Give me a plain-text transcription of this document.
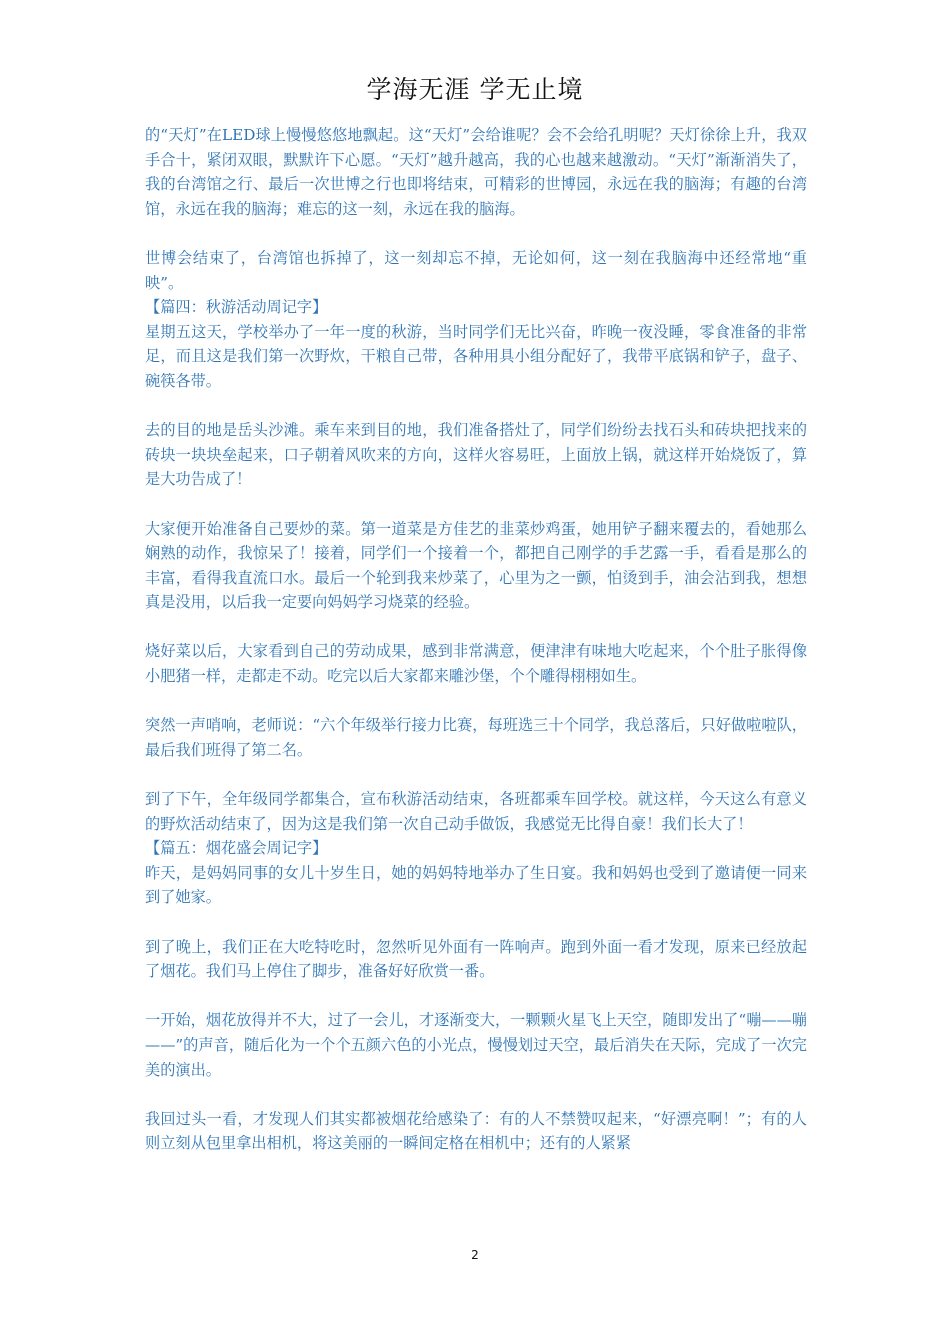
学海无涯 学无止境

的“天灯”在LED球上慢慢悠悠地飘起。这“天灯”会给谁呢？会不会给孔明呢？天灯徐徐上升，我双手合十，紧闭双眼，默默许下心愿。“天灯”越升越高，我的心也越来越激动。“天灯”渐渐消失了，我的台湾馆之行、最后一次世博之行也即将结束，可精彩的世博园，永远在我的脑海；有趣的台湾馆，永远在我的脑海；难忘的这一刻，永远在我的脑海。

世博会结束了，台湾馆也拆掉了，这一刻却忘不掉，无论如何，这一刻在我脑海中还经常地“重映”。

【篇四：秋游活动周记字】

星期五这天，学校举办了一年一度的秋游，当时同学们无比兴奋，昨晚一夜没睡，零食准备的非常足，而且这是我们第一次野炊，干粮自己带，各种用具小组分配好了，我带平底锅和铲子，盘子、碗筷各带。

去的目的地是岳头沙滩。乘车来到目的地，我们准备搭灶了，同学们纷纷去找石头和砖块把找来的砖块一块块垒起来，口子朝着风吹来的方向，这样火容易旺，上面放上锅，就这样开始烧饭了，算是大功告成了！

大家便开始准备自己要炒的菜。第一道菜是方佳艺的韭菜炒鸡蛋，她用铲子翻来覆去的，看她那么娴熟的动作，我惊呆了！接着，同学们一个接着一个，都把自己刚学的手艺露一手，看看是那么的丰富，看得我直流口水。最后一个轮到我来炒菜了，心里为之一颤，怕烫到手，油会沾到我，想想真是没用，以后我一定要向妈妈学习烧菜的经验。

烧好菜以后，大家看到自己的劳动成果，感到非常满意，便津津有味地大吃起来，个个肚子胀得像小肥猪一样，走都走不动。吃完以后大家都来雕沙堡，个个雕得栩栩如生。

突然一声哨响，老师说：“六个年级举行接力比赛，每班选三十个同学，我总落后，只好做啦啦队，最后我们班得了第二名。

到了下午，全年级同学都集合，宣布秋游活动结束，各班都乘车回学校。就这样，今天这么有意义的野炊活动结束了，因为这是我们第一次自己动手做饭，我感觉无比得自豪！我们长大了！

【篇五：烟花盛会周记字】

昨天，是妈妈同事的女儿十岁生日，她的妈妈特地举办了生日宴。我和妈妈也受到了邀请便一同来到了她家。

到了晚上，我们正在大吃特吃时，忽然听见外面有一阵响声。跑到外面一看才发现，原来已经放起了烟花。我们马上停住了脚步，准备好好欣赏一番。

一开始，烟花放得并不大，过了一会儿，才逐渐变大，一颗颗火星飞上天空，随即发出了“嘣——嘣——”的声音，随后化为一个个五颜六色的小光点，慢慢划过天空，最后消失在天际，完成了一次完美的演出。

我回过头一看，才发现人们其实都被烟花给感染了：有的人不禁赞叹起来，“好漂亮啊！”；有的人则立刻从包里拿出相机，将这美丽的一瞬间定格在相机中；还有的人紧紧

2
